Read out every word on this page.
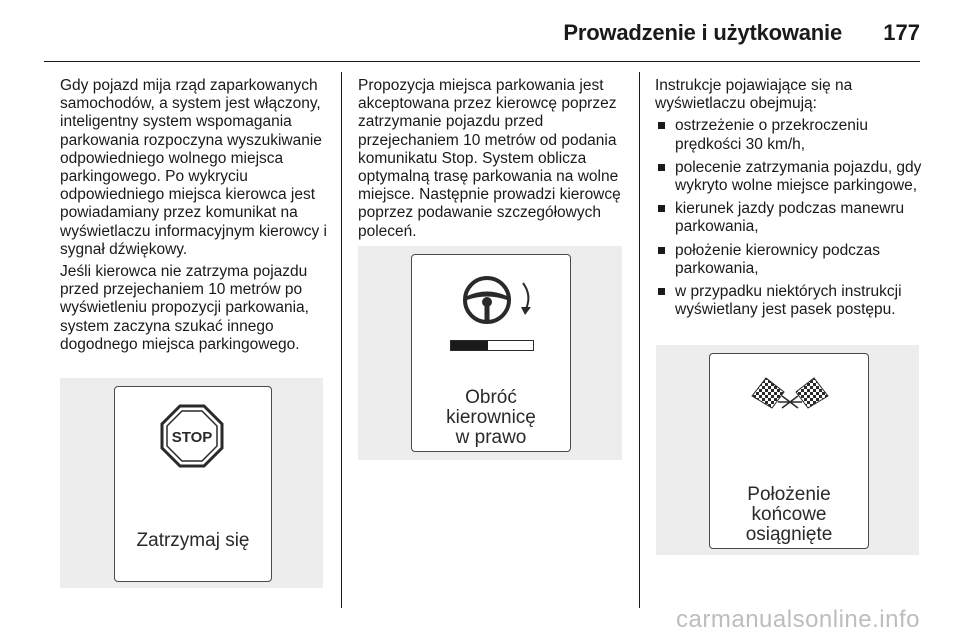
Prowadzenie i użytkowanie 177

Gdy pojazd mija rząd zaparkowanych samochodów, a system jest włączony, inteligentny system wspomagania parkowania rozpoczyna wyszukiwanie odpowiedniego wolnego miejsca parkingowego. Po wykryciu odpowiedniego miejsca kierowca jest powiadamiany przez komunikat na wyświetlaczu informacyjnym kierowcy i sygnał dźwiękowy.

Jeśli kierowca nie zatrzyma pojazdu przed przejechaniem 10 metrów po wyświetleniu propozycji parkowania, system zaczyna szukać innego dogodnego miejsca parkingowego.

STOP
Zatrzymaj się

Propozycja miejsca parkowania jest akceptowana przez kierowcę poprzez zatrzymanie pojazdu przed przejechaniem 10 metrów od podania komunikatu Stop. System oblicza optymalną trasę parkowania na wolne miejsce. Następnie prowadzi kierowcę poprzez podawanie szczegółowych poleceń.

Obróć
kierownicę
w prawo

Instrukcje pojawiające się na wyświetlaczu obejmują:

ostrzeżenie o przekroczeniu prędkości 30 km/h,
polecenie zatrzymania pojazdu, gdy wykryto wolne miejsce parkingowe,
kierunek jazdy podczas manewru parkowania,
położenie kierownicy podczas parkowania,
w przypadku niektórych instrukcji wyświetlany jest pasek postępu.
Położenie
końcowe
osiągnięte
carmanualsonline.info
